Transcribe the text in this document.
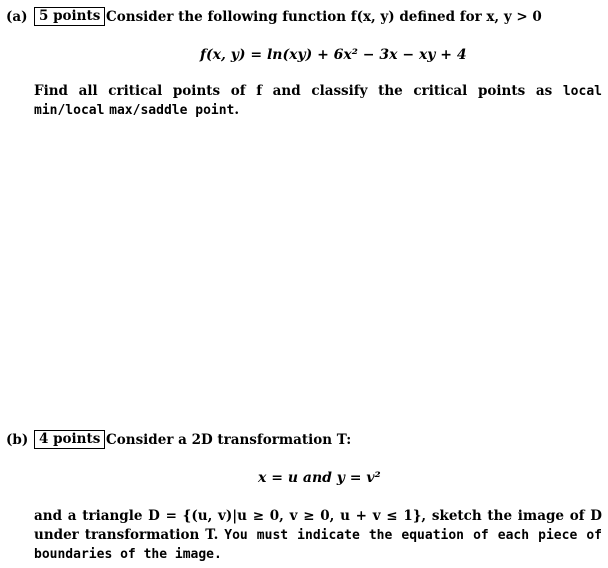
(a) 5 points Consider the following function f(x, y) defined for x, y > 0
f(x, y) = ln(xy) + 6x² − 3x − xy + 4
Find all critical points of f and classify the critical points as local min/local max/saddle point.
(b) 4 points Consider a 2D transformation T:
x = u and y = v²
and a triangle D = {(u, v)|u ≥ 0, v ≥ 0, u + v ≤ 1}, sketch the image of D under transformation T. You must indicate the equation of each piece of boundaries of the image.
